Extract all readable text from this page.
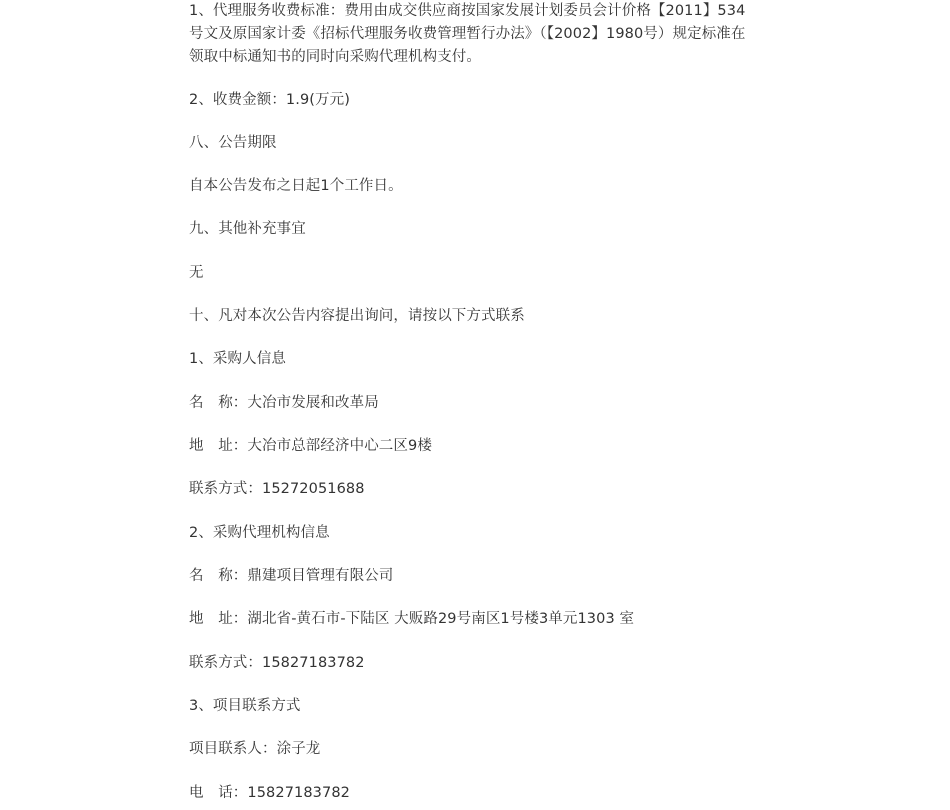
1、代理服务收费标准：费用由成交供应商按国家发展计划委员会计价格【2011】534号文及原国家计委《招标代理服务收费管理暂行办法》（【2002】1980号）规定标准在领取中标通知书的同时向采购代理机构支付。

2、收费金额：1.9(万元)

八、公告期限

自本公告发布之日起1个工作日。

九、其他补充事宜

无

十、凡对本次公告内容提出询问，请按以下方式联系

1、采购人信息

名　称：大冶市发展和改革局

地　址：大冶市总部经济中心二区9楼

联系方式：15272051688

2、采购代理机构信息

名　称：鼎建项目管理有限公司

地　址：湖北省-黄石市-下陆区 大贩路29号南区1号楼3单元1303 室

联系方式：15827183782

3、项目联系方式

项目联系人：涂子龙

电　话：15827183782
